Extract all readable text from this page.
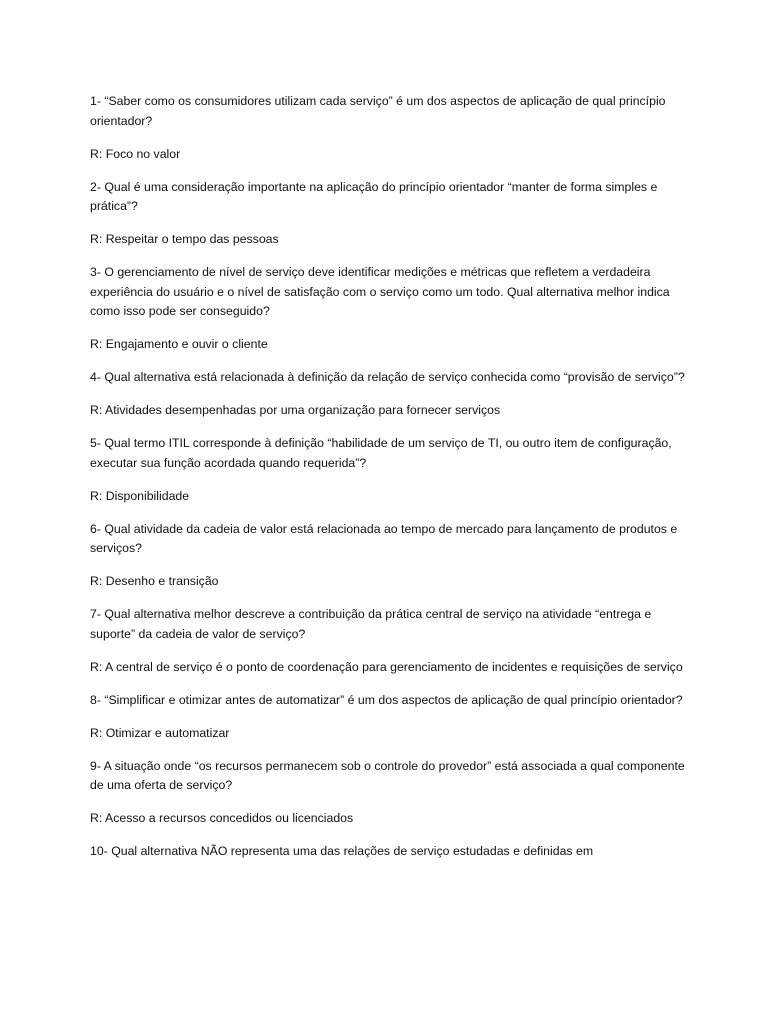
1- “Saber como os consumidores utilizam cada serviço” é um dos aspectos de aplicação de qual princípio orientador?

R: Foco no valor

2- Qual é uma consideração importante na aplicação do princípio orientador “manter de forma simples e prática”?

R: Respeitar o tempo das pessoas

3- O gerenciamento de nível de serviço deve identificar medições e métricas que refletem a verdadeira experiência do usuário e o nível de satisfação com o serviço como um todo. Qual alternativa melhor indica como isso pode ser conseguido?

R: Engajamento e ouvir o cliente

4- Qual alternativa está relacionada à definição da relação de serviço conhecida como “provisão de serviço”?

R: Atividades desempenhadas por uma organização para fornecer serviços

5- Qual termo ITIL corresponde à definição “habilidade de um serviço de TI, ou outro item de configuração, executar sua função acordada quando requerida”?

R: Disponibilidade

6- Qual atividade da cadeia de valor está relacionada ao tempo de mercado para lançamento de produtos e serviços?

R: Desenho e transição

7- Qual alternativa melhor descreve a contribuição da prática central de serviço na atividade “entrega e suporte” da cadeia de valor de serviço?

R: A central de serviço é o ponto de coordenação para gerenciamento de incidentes e requisições de serviço

8- “Simplificar e otimizar antes de automatizar” é um dos aspectos de aplicação de qual princípio orientador?

R: Otimizar e automatizar

9- A situação onde “os recursos permanecem sob o controle do provedor” está associada a qual componente de uma oferta de serviço?

R: Acesso a recursos concedidos ou licenciados

10- Qual alternativa NÃO representa uma das relações de serviço estudadas e definidas em
